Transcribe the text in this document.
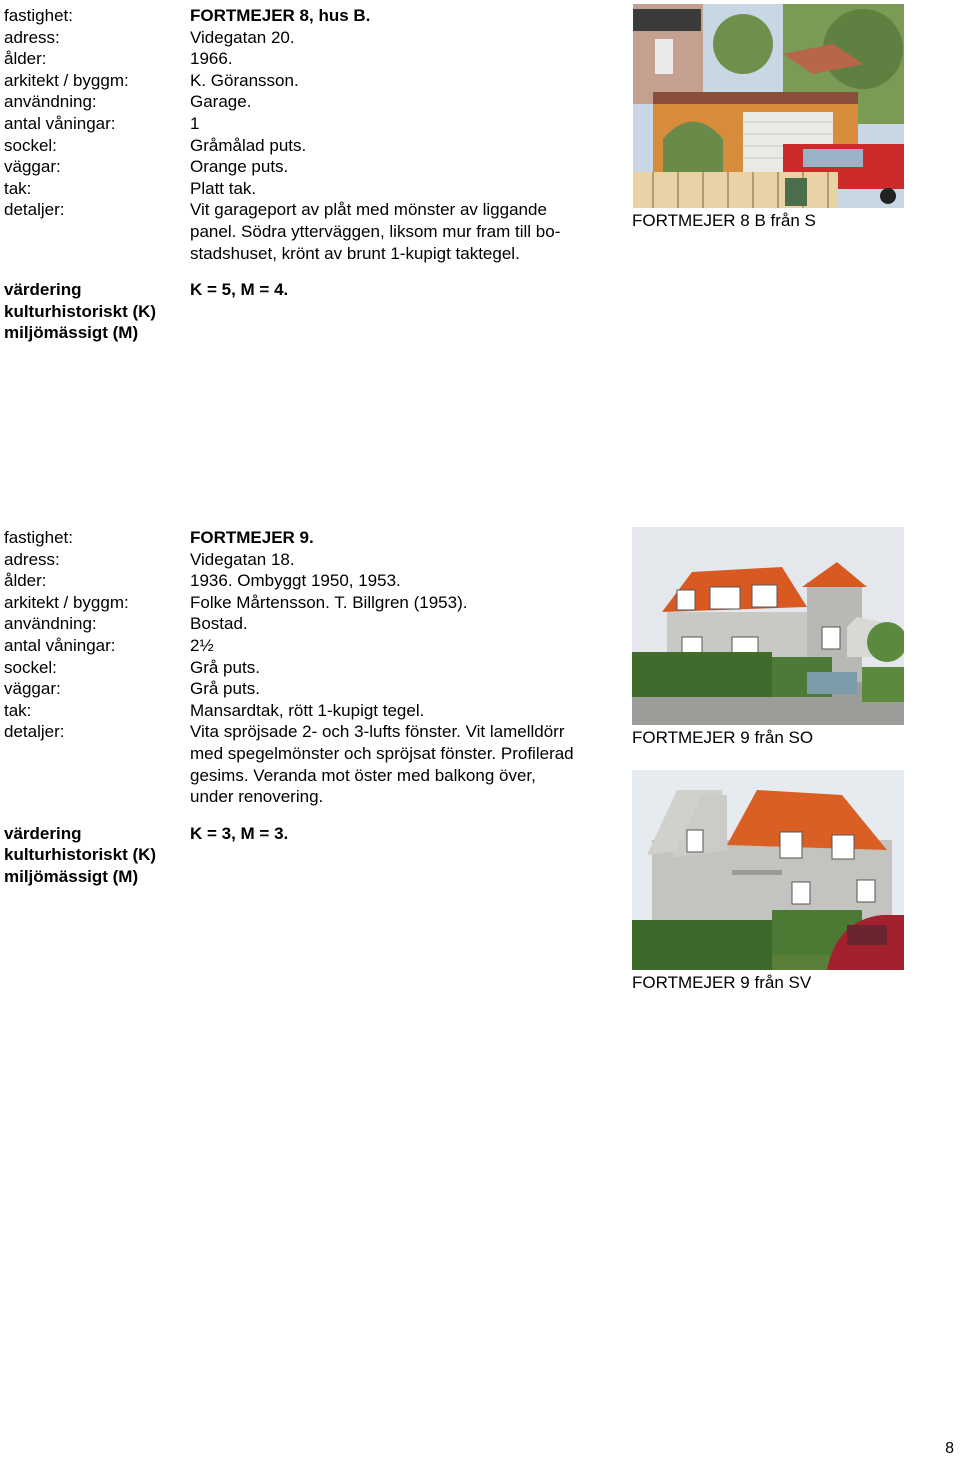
fastighet:	FORTMEJER 8, hus B.
adress:	Videgatan 20.
ålder:	1966.
arkitekt / byggm:	K. Göransson.
användning:	Garage.
antal våningar:	1
sockel:	Gråmålad puts.
väggar:	Orange puts.
tak:	Platt tak.
detaljer:	Vit garageport av plåt med mönster av liggande
panel. Södra ytterväggen, liksom mur fram till bo-
stadshuset, krönt av brunt 1-kupigt taktegel.
värdering
kulturhistoriskt (K)
miljömässigt (M)
K = 5, M = 4.
FORTMEJER 8 B från S
fastighet:	FORTMEJER 9.
adress:	Videgatan 18.
ålder:	1936. Ombyggt 1950, 1953.
arkitekt / byggm:	Folke Mårtensson. T. Billgren (1953).
användning:	Bostad.
antal våningar:	2½
sockel:	Grå puts.
väggar:	Grå puts.
tak:	Mansardtak, rött 1-kupigt tegel.
detaljer:	Vita spröjsade 2- och 3-lufts fönster. Vit lamelldörr
med spegelmönster och spröjsat fönster. Profilerad
gesims. Veranda mot öster med balkong över,
under renovering.
värdering
kulturhistoriskt (K)
miljömässigt (M)
K = 3, M = 3.
FORTMEJER 9 från SO
FORTMEJER 9 från SV
8
